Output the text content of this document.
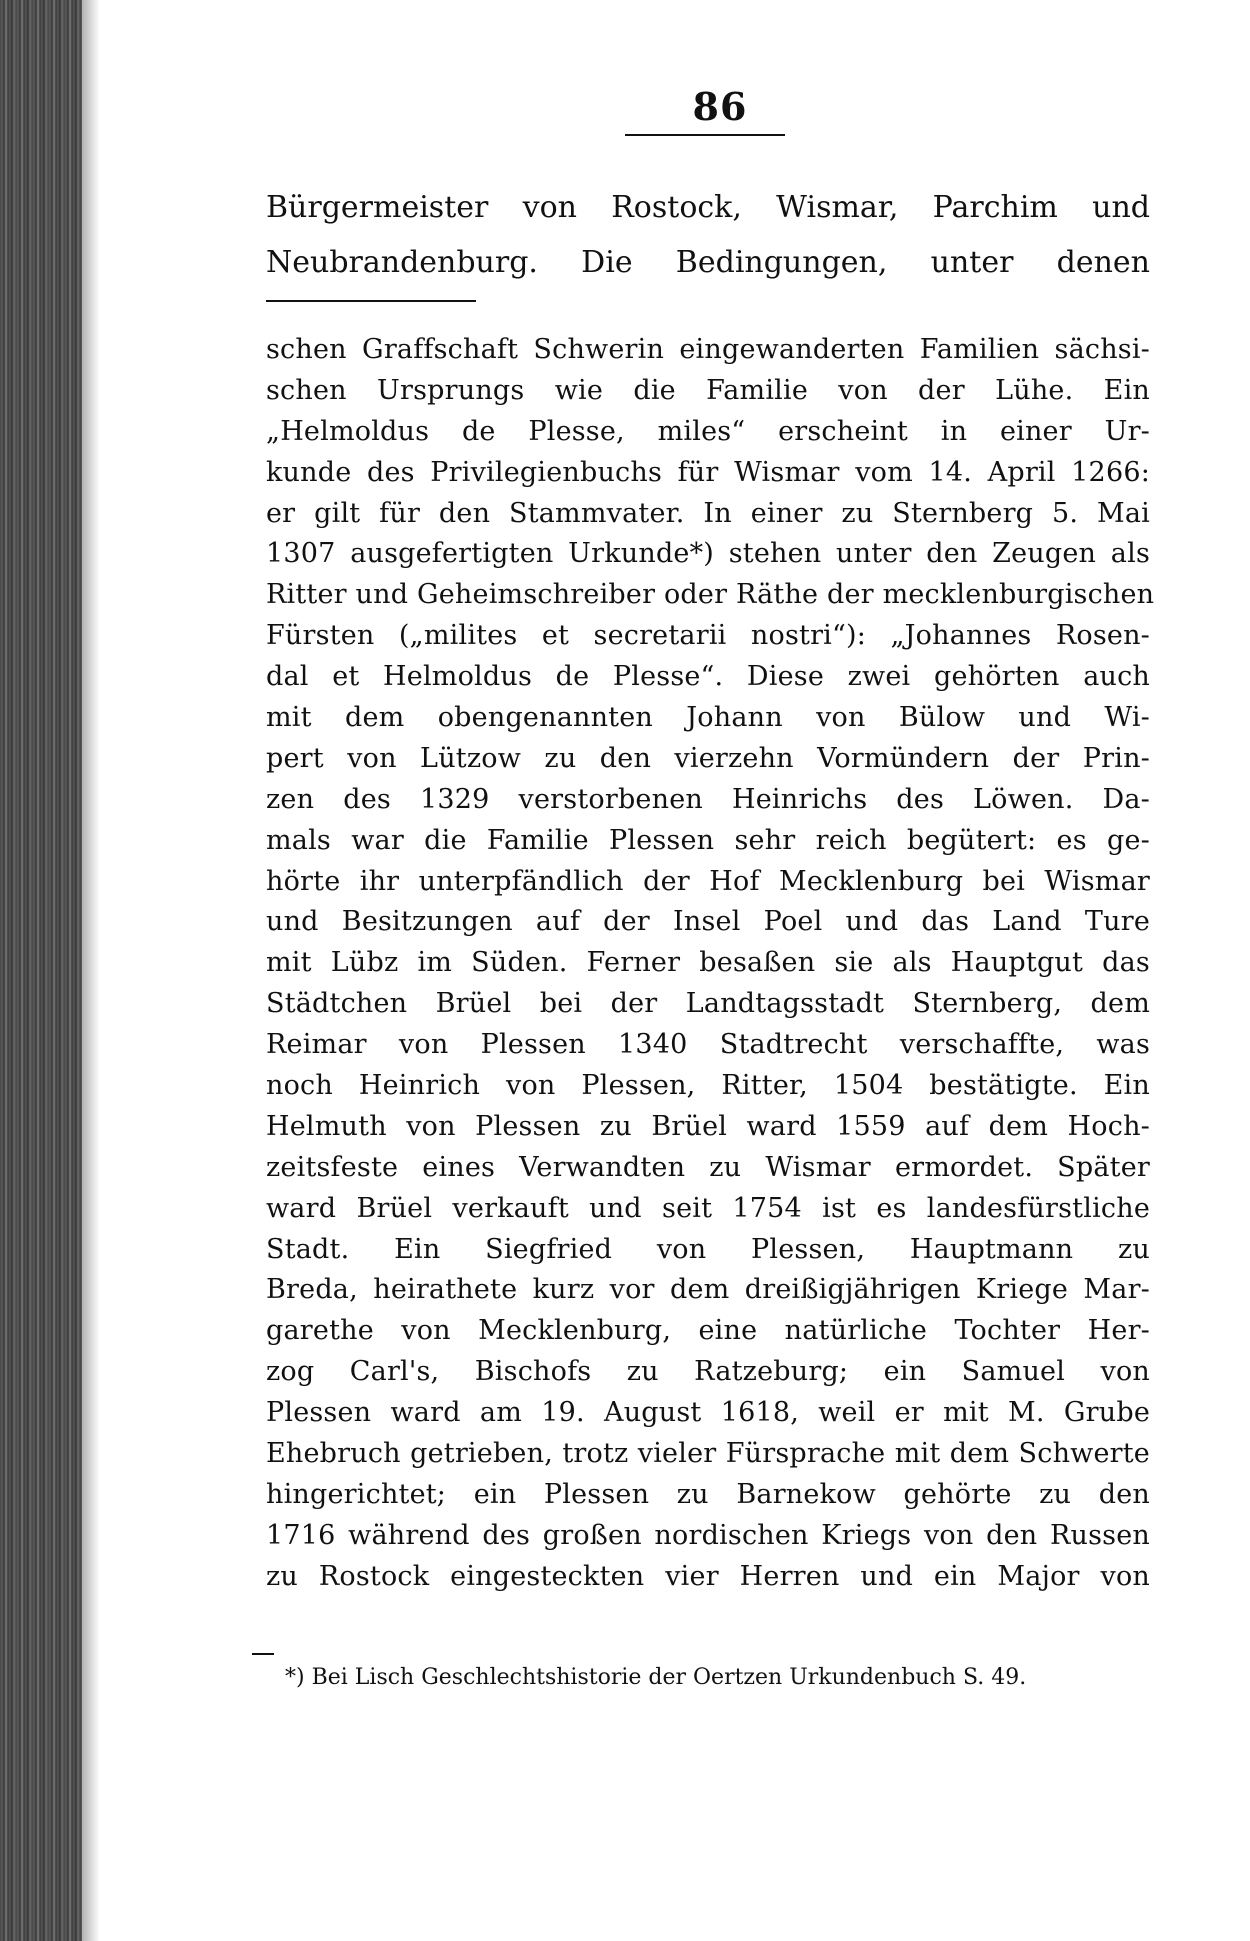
86
Bürgermeister von Rostock, Wismar, Parchim und
Neubrandenburg. Die Bedingungen, unter denen
schen Graffschaft Schwerin eingewanderten Familien sächsi-
schen Ursprungs wie die Familie von der Lühe. Ein
„Helmoldus de Plesse, miles“ erscheint in einer Ur-
kunde des Privilegienbuchs für Wismar vom 14. April 1266:
er gilt für den Stammvater. In einer zu Sternberg 5. Mai
1307 ausgefertigten Urkunde*) stehen unter den Zeugen als
Ritter und Geheimschreiber oder Räthe der mecklenburgischen
Fürsten („milites et secretarii nostri“): „Johannes Rosen-
dal et Helmoldus de Plesse“. Diese zwei gehörten auch
mit dem obengenannten Johann von Bülow und Wi-
pert von Lützow zu den vierzehn Vormündern der Prin-
zen des 1329 verstorbenen Heinrichs des Löwen. Da-
mals war die Familie Plessen sehr reich begütert: es ge-
hörte ihr unterpfändlich der Hof Mecklenburg bei Wismar
und Besitzungen auf der Insel Poel und das Land Ture
mit Lübz im Süden. Ferner besaßen sie als Hauptgut das
Städtchen Brüel bei der Landtagsstadt Sternberg, dem
Reimar von Plessen 1340 Stadtrecht verschaffte, was
noch Heinrich von Plessen, Ritter, 1504 bestätigte. Ein
Helmuth von Plessen zu Brüel ward 1559 auf dem Hoch-
zeitsfeste eines Verwandten zu Wismar ermordet. Später
ward Brüel verkauft und seit 1754 ist es landesfürstliche
Stadt. Ein Siegfried von Plessen, Hauptmann zu
Breda, heirathete kurz vor dem dreißigjährigen Kriege Mar-
garethe von Mecklenburg, eine natürliche Tochter Her-
zog Carl's, Bischofs zu Ratzeburg; ein Samuel von
Plessen ward am 19. August 1618, weil er mit M. Grube
Ehebruch getrieben, trotz vieler Fürsprache mit dem Schwerte
hingerichtet; ein Plessen zu Barnekow gehörte zu den
1716 während des großen nordischen Kriegs von den Russen
zu Rostock eingesteckten vier Herren und ein Major von
*) Bei Lisch Geschlechtshistorie der Oertzen Urkundenbuch S. 49.
